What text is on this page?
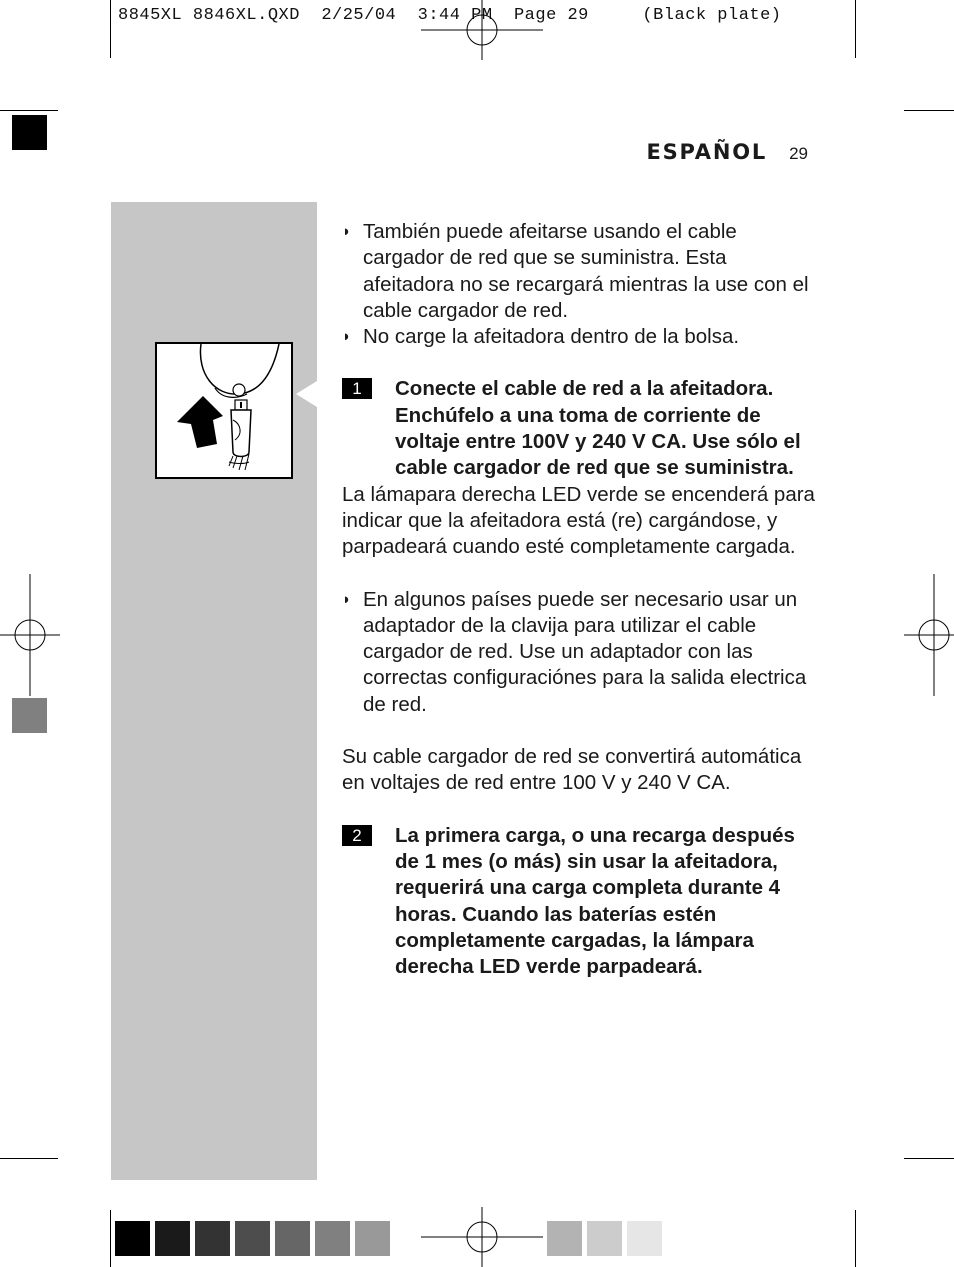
8845XL 8846XL.QXD  2/25/04  3:44 PM  Page 29     (Black plate)
ESPAÑOL 29
◗ También puede afeitarse usando el cable cargador de red que se suministra. Esta afeitadora no se recargará mientras la use con el cable cargador de red.

◗ No carge la afeitadora dentro de la bolsa.

1	Conecte el cable de red a la afeitadora. Enchúfelo a una toma de corriente de voltaje entre 100V y 240 V CA. Use sólo el cable cargador de red que se suministra.

La lámapara derecha LED verde se encenderá para indicar que la afeitadora está (re) cargándose, y parpadeará cuando esté completamente cargada.

◗ En algunos países puede ser necesario usar un adaptador de la clavija para utilizar el cable cargador de red. Use un adaptador con las correctas configuraciónes para la salida electrica de red.

Su cable cargador de red se convertirá automática en voltajes de red entre 100 V y 240 V CA.

2	La primera carga, o una recarga después de 1 mes (o más) sin usar la afeitadora, requerirá una carga completa durante 4 horas. Cuando las baterías estén completamente cargadas, la lámpara derecha LED verde parpadeará.
